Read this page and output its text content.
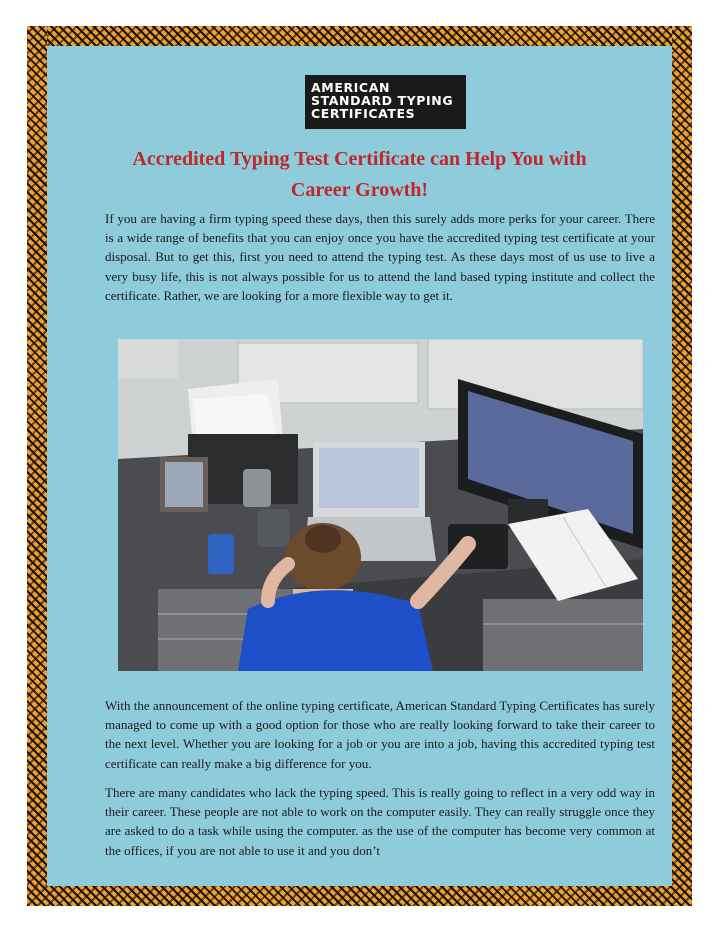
AMERICAN
STANDARD TYPING
CERTIFICATES
Accredited Typing Test Certificate can Help You with
Career Growth!

If you are having a firm typing speed these days, then this surely adds more perks for your career. There is a wide range of benefits that you can enjoy once you have the accredited typing test certificate at your disposal. But to get this, first you need to attend the typing test. As these days most of us use to live a very busy life, this is not always possible for us to attend the land based typing institute and collect the certificate. Rather, we are looking for a more flexible way to get it.

With the announcement of the online typing certificate, American Standard Typing Certificates has surely managed to come up with a good option for those who are really looking forward to take their career to the next level. Whether you are looking for a job or you are into a job, having this accredited typing test certificate can really make a big difference for you.

There are many candidates who lack the typing speed. This is really going to reflect in a very odd way in their career. These people are not able to work on the computer easily. They can really struggle once they are asked to do a task while using the computer. as the use of the computer has become very common at the offices, if you are not able to use it and you don’t
